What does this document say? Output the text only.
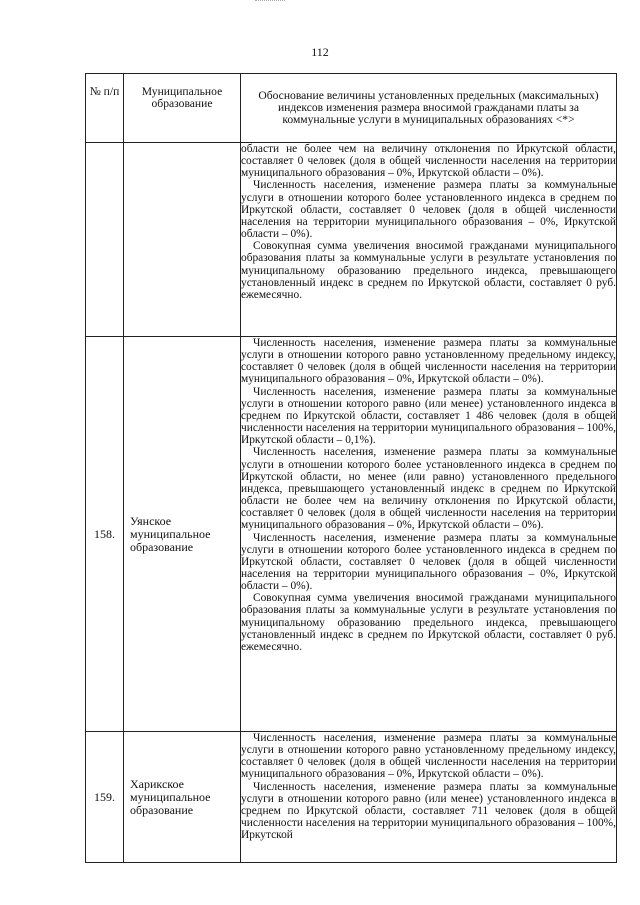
112
№ п/п	Муниципальное образование	Обоснование величины установленных предельных (максимальных) индексов изменения размера вносимой гражданами платы за коммунальные услуги в муниципальных образованиях <*>

		области не более чем на величину отклонения по Иркутской области, составляет 0 человек (доля в общей численности населения на территории муниципального образования – 0%, Иркутской области – 0%).

Численность населения, изменение размера платы за коммунальные услуги в отношении которого более установленного индекса в среднем по Иркутской области, составляет 0 человек (доля в общей численности населения на территории муниципального образования – 0%, Иркутской области – 0%).

Совокупная сумма увеличения вносимой гражданами муниципального образования платы за коммунальные услуги в результате установления по муниципальному образованию предельного индекса, превышающего установленный индекс в среднем по Иркутской области, составляет 0 руб. ежемесячно.

158.	Уянское муниципальное образование	Численность населения, изменение размера платы за коммунальные услуги в отношении которого равно установленному предельному индексу, составляет 0 человек (доля в общей численности населения на территории муниципального образования – 0%, Иркутской области – 0%).

Численность населения, изменение размера платы за коммунальные услуги в отношении которого равно (или менее) установленного индекса в среднем по Иркутской области, составляет 1 486 человек (доля в общей численности населения на территории муниципального образования – 100%, Иркутской области – 0,1%).

Численность населения, изменение размера платы за коммунальные услуги в отношении которого более установленного индекса в среднем по Иркутской области, но менее (или равно) установленного предельного индекса, превышающего установленный индекс в среднем по Иркутской области не более чем на величину отклонения по Иркутской области, составляет 0 человек (доля в общей численности населения на территории муниципального образования – 0%, Иркутской области – 0%).

Численность населения, изменение размера платы за коммунальные услуги в отношении которого более установленного индекса в среднем по Иркутской области, составляет 0 человек (доля в общей численности населения на территории муниципального образования – 0%, Иркутской области – 0%).

Совокупная сумма увеличения вносимой гражданами муниципального образования платы за коммунальные услуги в результате установления по муниципальному образованию предельного индекса, превышающего установленный индекс в среднем по Иркутской области, составляет 0 руб. ежемесячно.

159.	Харикское муниципальное образование	Численность населения, изменение размера платы за коммунальные услуги в отношении которого равно установленному предельному индексу, составляет 0 человек (доля в общей численности населения на территории муниципального образования – 0%, Иркутской области – 0%).

Численность населения, изменение размера платы за коммунальные услуги в отношении которого равно (или менее) установленного индекса в среднем по Иркутской области, составляет 711 человек (доля в общей численности населения на территории муниципального образования – 100%, Иркутской
